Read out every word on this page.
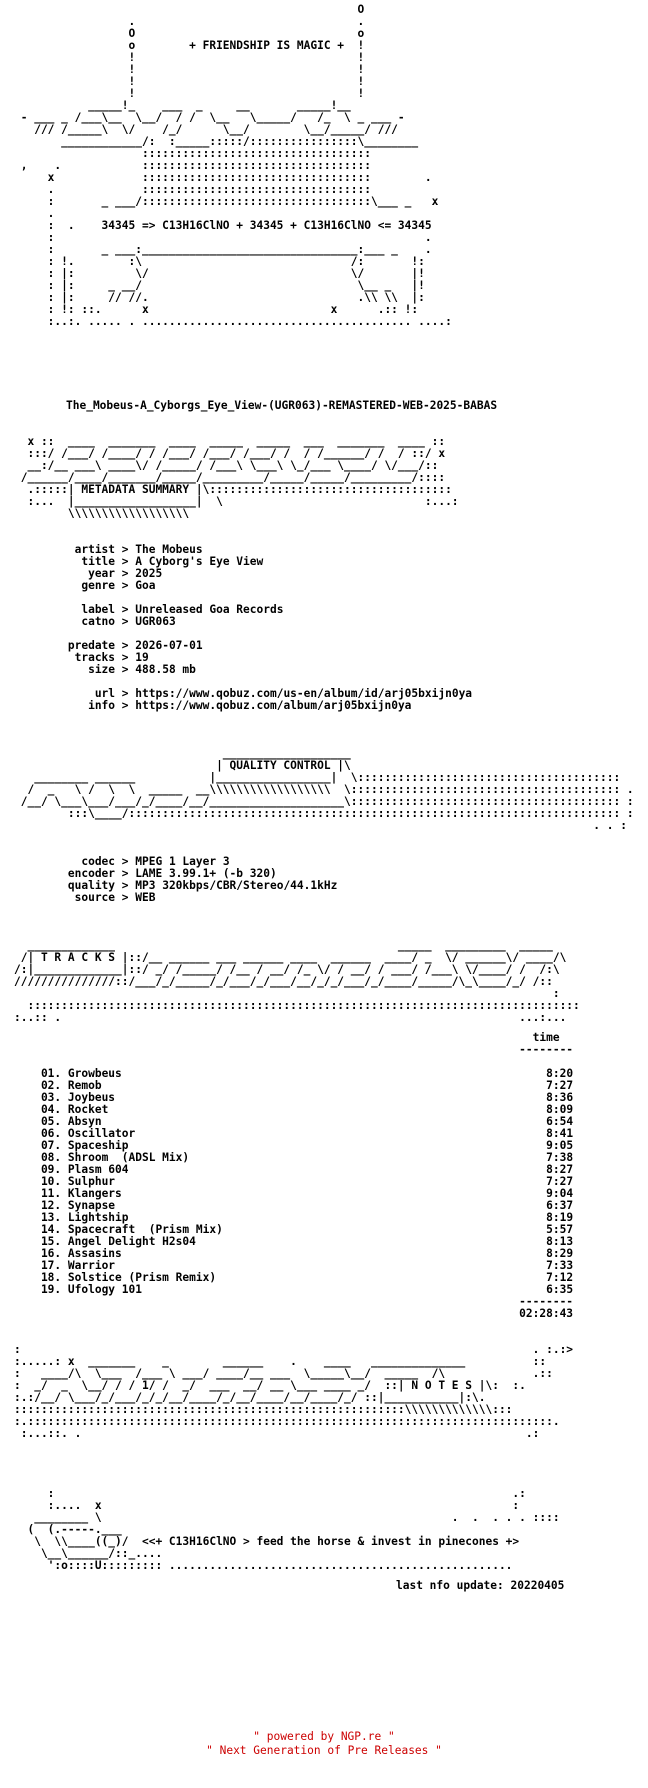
O
.                                 .
O                                 o
o        + FRIENDSHIP IS MAGIC +  !
!                                 !
!                                 !
!                                 !
!                                 !
_____!_    ___  _     __       _____!__
- ___ _ /___\__  \__/  / /  \__   \_____/   /_  \ _ ___ -
/// /_____\  \/    /_/      \__/        \__/_____/ ///
____________/:  :_____:::::/::::::::::::::::\________
::::::::::::::::::::::::::::::::::
,    .            ::::::::::::::::::::::::::::::::::
x             ::::::::::::::::::::::::::::::::::        .
.             ::::::::::::::::::::::::::::::::::
:       _ ___/::::::::::::::::::::::::::::::::::\___ _   x
.
:  .    34345 => C13H16ClNO + 34345 + C13H16ClNO <= 34345
:                                                       .
:       _ ___:________________________________:___ _    .
: !.        :\                               /:       !:
: |:         \/                              \/       |!
: |:     _ __/                                \__ _   |!
: |:     // //.                               .\\ \\  |:
: !: ::.      x                           x      .:: !:
:..:. ..... . ........................................ ....:
The_Mobeus-A_Cyborgs_Eye_View-(UGR063)-REMASTERED-WEB-2025-BABAS
x ::  ____  _______  ____  _____  _____  ___  _______  ____ ::
:::/ /___/ /____/ / /___/ /___/ /___/ /  / /______/ /  / ::/ x
__:/__ ___\ ____\/ /_____/ /___\ \___\ \_/___ \____/ \/___/::
/______/____/_______/_____/_________/_____/_____/_________/::::
.:::::| METADATA SUMMARY |\::::::::::::::::::::::::::::::::::::
:...  |__________________|  \                              :...:
\\\\\\\\\\\\\\\\\\
artist > The Mobeus
title > A Cyborg's Eye View
year > 2025
genre > Goa
label > Unreleased Goa Records
catno > UGR063
predate > 2026-07-01
tracks > 19
size > 488.58 mb
url > https://www.qobuz.com/us-en/album/id/arj05bxijn0ya
info > https://www.qobuz.com/album/arj05bxijn0ya
___________________
| QUALITY CONTROL |\
________ ______           |_________________|  \:::::::::::::::::::::::::::::::::::::::
/  _   \ /  \  \  _____  __\\\\\\\\\\\\\\\\\\  \:::::::::::::::::::::::::::::::::::::::: .
/__/ \___\___/___/_/____/__/____________________\:::::::::::::::::::::::::::::::::::::::: :
:::\____/::::::::::::::::::::::::::::::::::::::::::::::::::::::::::::::::::::::::: :
. . :
codec > MPEG 1 Layer 3
encoder > LAME 3.99.1+ (-b 320)
quality > MP3 320kbps/CBR/Stereo/44.1kHz
source > WEB
_____________                                          _____  _________  _____
/| T R A C K S |::/__ ______ ___ ______ ____  ______  ____/ _  \/ ______\/ ____/\
/:|_____________|::/ _/ /_____/ /__ / __/ /_ \/ / __/ / ___/ /___\ \/____/ /  /:\
///////////////::/___/_/_____/_/___/_/___/__/_/_/___/_/____/_____/\_\____/_/ /::
:
::::::::::::::::::::::::::::::::::::::::::::::::::::::::::::::::::::::::::::::::::
:..:: .                                                                    ...:...
time
--------
01. Growbeus	8:20
02. Remob	7:27
03. Joybeus	8:36
04. Rocket	8:09
05. Absyn	6:54
06. Oscillator	8:41
07. Spaceship	9:05
08. Shroom  (ADSL Mix)	7:38
09. Plasm 604	8:27
10. Sulphur	7:27
11. Klangers	9:04
12. Synapse	6:37
13. Lightship	8:19
14. Spacecraft  (Prism Mix)	5:57
15. Angel Delight H2s04	8:13
16. Assasins	8:29
17. Warrior	7:33
18. Solstice (Prism Remix)	7:12
19. Ufology 101	6:35
--------
02:28:43
:                                                                            . :.:>
:.....: x  _______    _        ______    .    ____   ______________          ::
:   ____/\  \___  /___ \ ___/ ____/__ ___  \_____\__/  _____  /\             .::
:  _/  _  \__/ / / 1/ /  _/  ___  __/ __ \___ ____ _/  ::| N O T E S |\:  :.
:.:/__/ \___/_/___/_/_/__/____/_/__/____/__/____/_/ ::|___________|:\.
::::::::::::::::::::::::::::::::::::::::::::::::::::::::::\\\\\\\\\\\\\:::
:.::::::::::::::::::::::::::::::::::::::::::::::::::::::::::::::::::::::::::::::.
:...::. .                                                                  .:
:                                                                    .:
:....  x                                                             :
________ \                                                    .  .  . . . ::::
(  (.-----.___
\  \\____((_)/  <<+ C13H16ClNO > feed the horse & invest in pinecones +>
\__\______/::_....
':o::::U::::::::: ...................................................
last nfo update: 20220405
" powered by NGP.re "
" Next Generation of Pre Releases "
